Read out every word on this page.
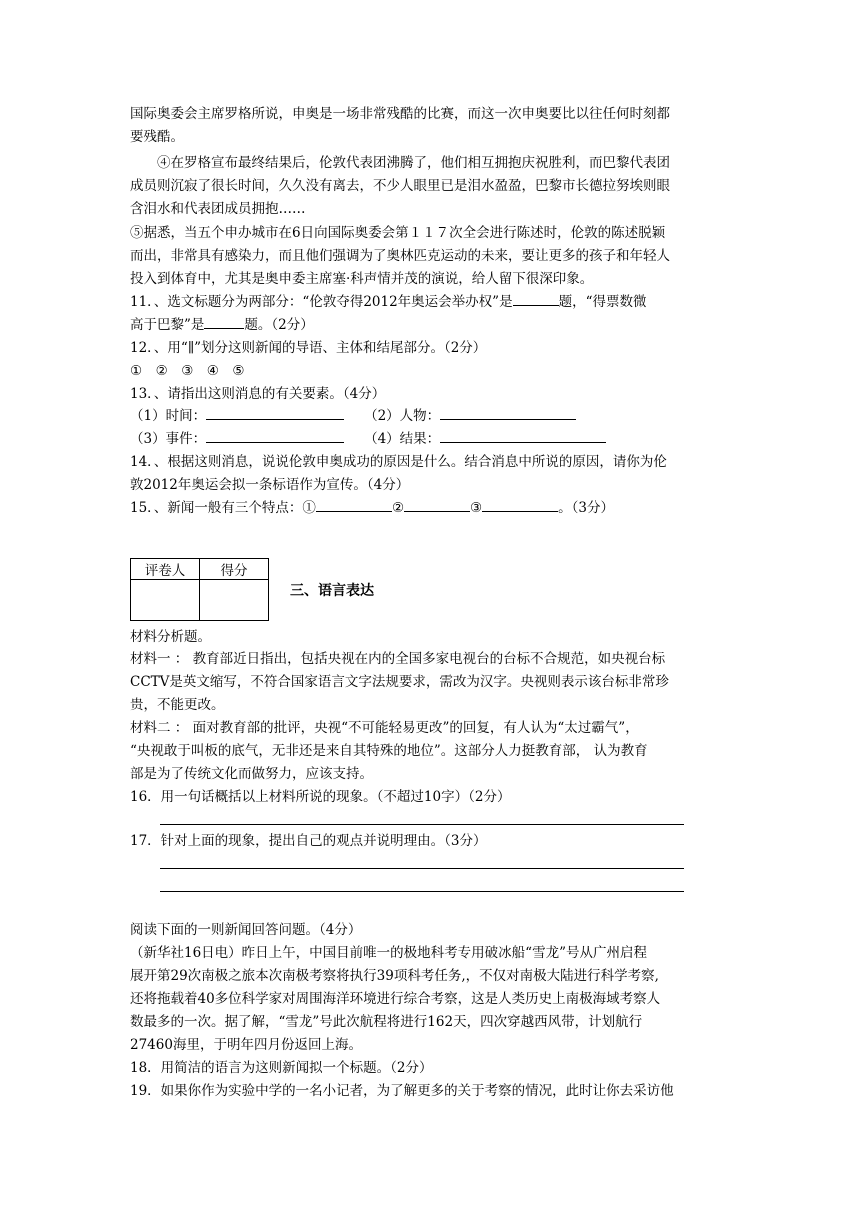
国际奥委会主席罗格所说，申奥是一场非常残酷的比赛，而这一次申奥要比以往任何时刻都
要残酷。
④在罗格宣布最终结果后，伦敦代表团沸腾了，他们相互拥抱庆祝胜利，而巴黎代表团
成员则沉寂了很长时间，久久没有离去，不少人眼里已是泪水盈盈，巴黎市长德拉努埃则眼
含泪水和代表团成员拥抱……
⑤据悉，当五个申办城市在6日向国际奥委会第１１７次全会进行陈述时，伦敦的陈述脱颖
而出，非常具有感染力，而且他们强调为了奥林匹克运动的未来，要让更多的孩子和年轻人
投入到体育中，尤其是奥申委主席塞·科声情并茂的演说，给人留下很深印象。
11．、选文标题分为两部分：“伦敦夺得2012年奥运会举办权”是	题，“得票数微
高于巴黎”是	题。（2分）
12．、用“∥”划分这则新闻的导语、主体和结尾部分。（2分）
①　②　③　④　⑤
13．、请指出这则消息的有关要素。（4分）
（1）时间：	（2）人物：
（3）事件：	（4）结果：
14．、根据这则消息，说说伦敦申奥成功的原因是什么。结合消息中所说的原因，请你为伦
敦2012年奥运会拟一条标语作为宣传。（4分）
15．、新闻一般有三个特点：①	②	③	。（3分）
评卷人	得分

三、语言表达
材料分析题。
材料一 ： 教育部近日指出，包括央视在内的全国多家电视台的台标不合规范，如央视台标
CCTV是英文缩写，不符合国家语言文字法规要求，需改为汉字。央视则表示该台标非常珍
贵，不能更改。
材料二 ： 面对教育部的批评，央视“不可能轻易更改”的回复，有人认为“太过霸气”，
“央视敢于叫板的底气，无非还是来自其特殊的地位”。这部分人力挺教育部， 认为教育
部是为了传统文化而做努力，应该支持。
16．用一句话概括以上材料所说的现象。（不超过10字）（2分）
17．针对上面的现象，提出自己的观点并说明理由。（3分）
阅读下面的一则新闻回答问题。（4分）
（新华社16日电）昨日上午，中国目前唯一的极地科考专用破冰船“雪龙”号从广州启程
展开第29次南极之旅本次南极考察将执行39项科考任务,，不仅对南极大陆进行科学考察,
还将拖载着40多位科学家对周围海洋环境进行综合考察，这是人类历史上南极海域考察人
数最多的一次。据了解，“雪龙”号此次航程将进行162天，四次穿越西风带，计划航行
27460海里，于明年四月份返回上海。
18．用简洁的语言为这则新闻拟一个标题。（2分）
19．如果你作为实验中学的一名小记者，为了解更多的关于考察的情况，此时让你去采访他
